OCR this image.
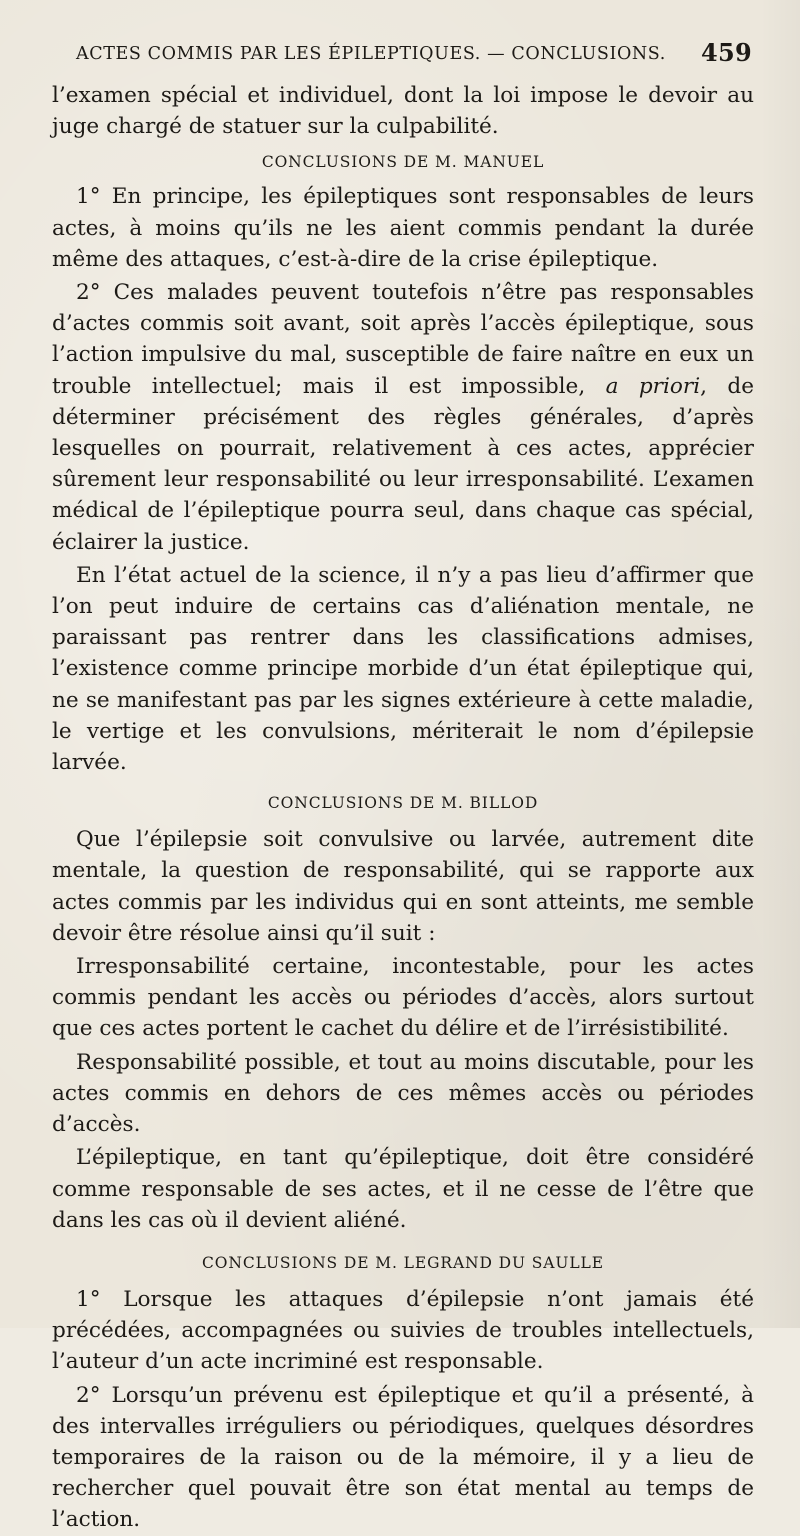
ACTES COMMIS PAR LES ÉPILEPTIQUES. — CONCLUSIONS. 459

l’examen spécial et individuel, dont la loi impose le devoir au juge chargé de statuer sur la culpabilité.

CONCLUSIONS DE M. MANUEL

1° En principe, les épileptiques sont responsables de leurs actes, à moins qu’ils ne les aient commis pendant la durée même des attaques, c’est-à-dire de la crise épileptique.

2° Ces malades peuvent toutefois n’être pas responsables d’actes commis soit avant, soit après l’accès épileptique, sous l’action impulsive du mal, susceptible de faire naître en eux un trouble intellectuel; mais il est impossible, a priori, de déterminer précisément des règles générales, d’après lesquelles on pourrait, relativement à ces actes, apprécier sûrement leur responsabilité ou leur irresponsabilité. L’examen médical de l’épileptique pourra seul, dans chaque cas spécial, éclairer la justice.

En l’état actuel de la science, il n’y a pas lieu d’affirmer que l’on peut induire de certains cas d’aliénation mentale, ne paraissant pas rentrer dans les classifications admises, l’existence comme principe morbide d’un état épileptique qui, ne se manifestant pas par les signes extérieure à cette maladie, le vertige et les convulsions, mériterait le nom d’épilepsie larvée.

CONCLUSIONS DE M. BILLOD

Que l’épilepsie soit convulsive ou larvée, autrement dite mentale, la question de responsabilité, qui se rapporte aux actes commis par les individus qui en sont atteints, me semble devoir être résolue ainsi qu’il suit :

Irresponsabilité certaine, incontestable, pour les actes commis pendant les accès ou périodes d’accès, alors surtout que ces actes portent le cachet du délire et de l’irrésistibilité.

Responsabilité possible, et tout au moins discutable, pour les actes commis en dehors de ces mêmes accès ou périodes d’accès.

L’épileptique, en tant qu’épileptique, doit être considéré comme responsable de ses actes, et il ne cesse de l’être que dans les cas où il devient aliéné.

CONCLUSIONS DE M. LEGRAND DU SAULLE

1° Lorsque les attaques d’épilepsie n’ont jamais été précédées, accompagnées ou suivies de troubles intellectuels, l’auteur d’un acte incriminé est responsable.

2° Lorsqu’un prévenu est épileptique et qu’il a présenté, à des intervalles irréguliers ou périodiques, quelques désordres temporaires de la raison ou de la mémoire, il y a lieu de rechercher quel pouvait être son état mental au temps de l’action.
